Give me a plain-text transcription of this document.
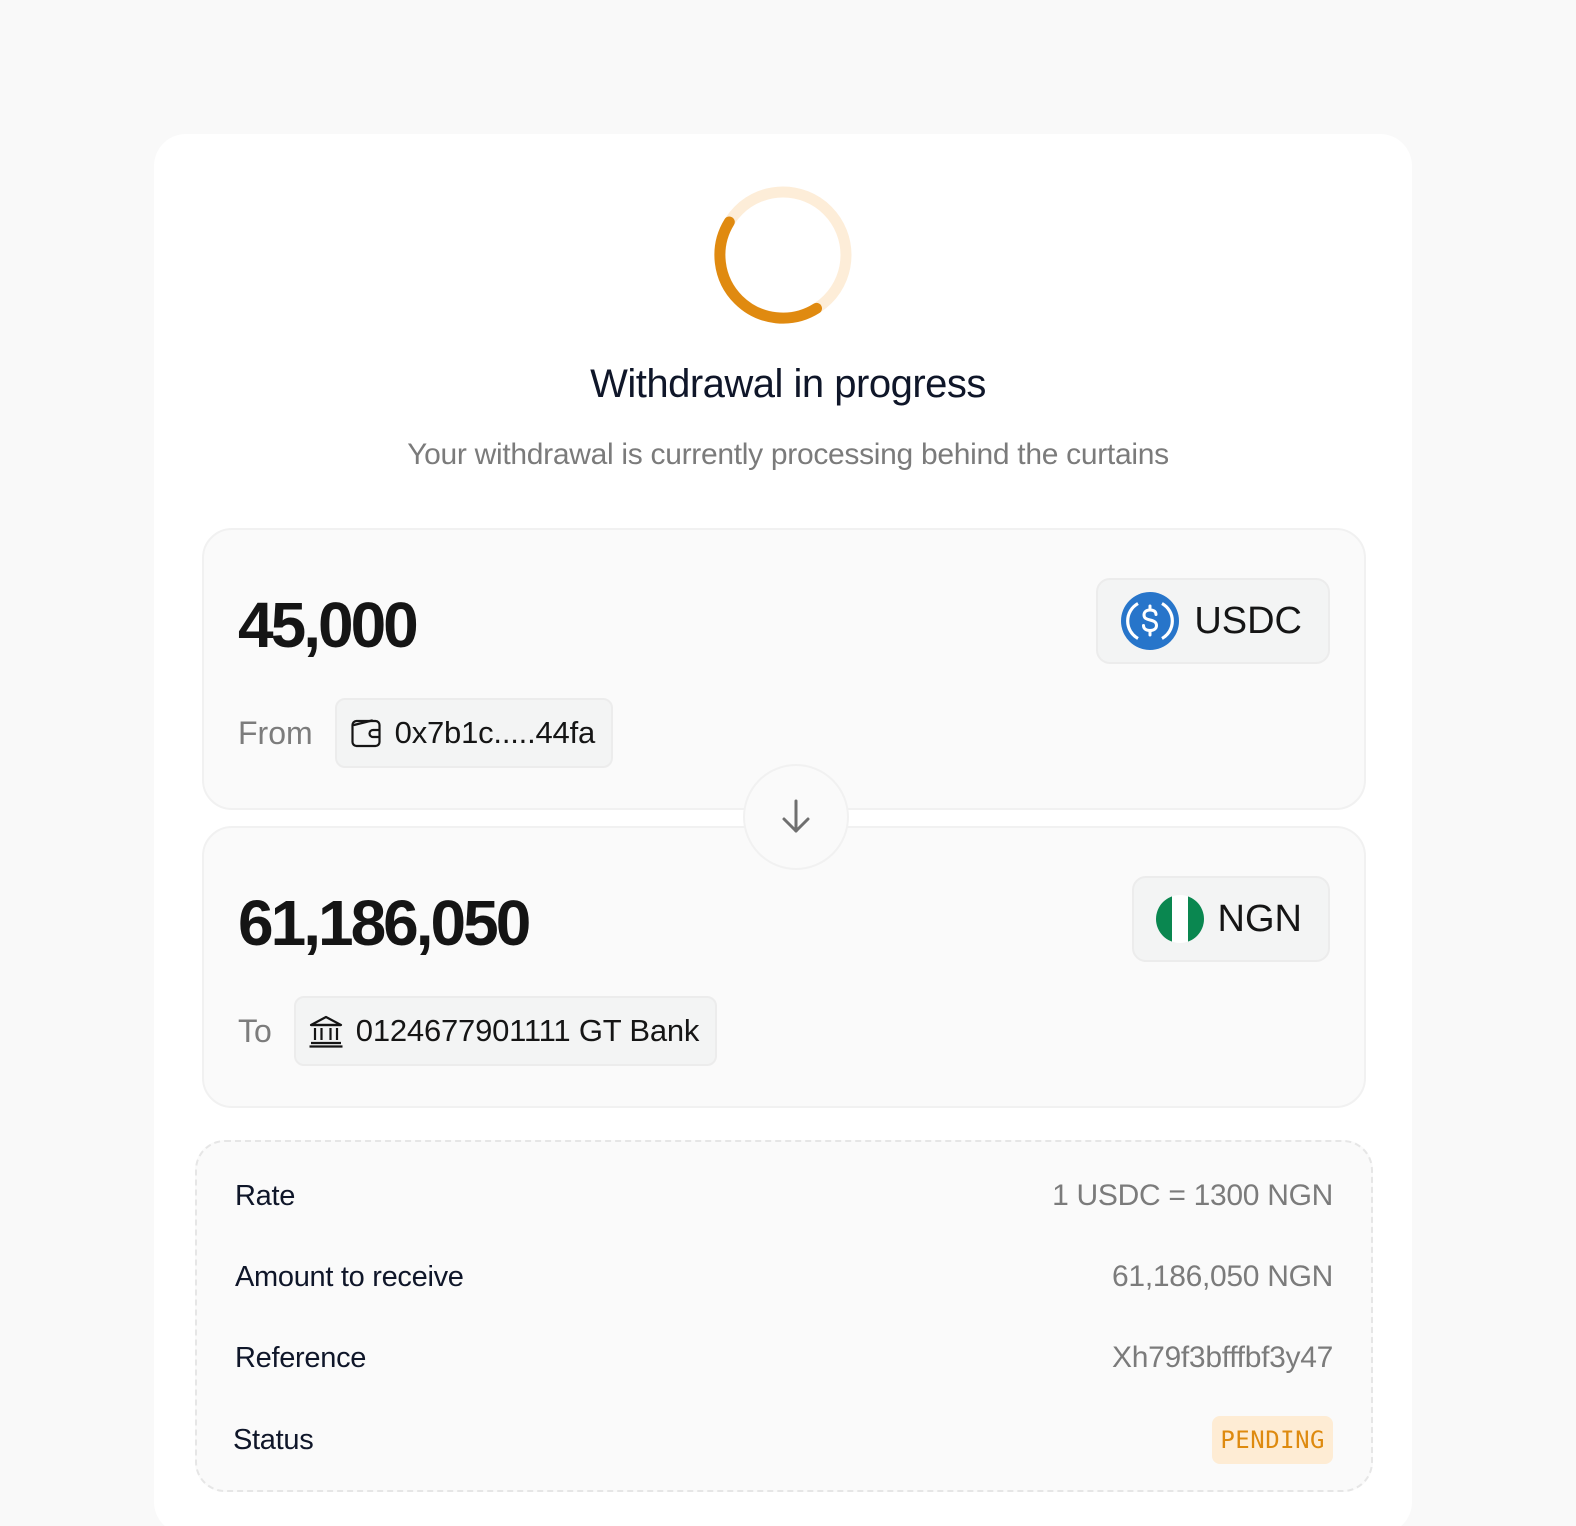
Withdrawal in progress
Your withdrawal is currently processing behind the curtains
45,000	USDC
From	0x7b1c.....44fa
61,186,050	NGN
To	0124677901111 GT Bank
Rate	1 USDC = 1300 NGN
Amount to receive	61,186,050 NGN
Reference	Xh79f3bfffbf3y47
Status	PENDING
